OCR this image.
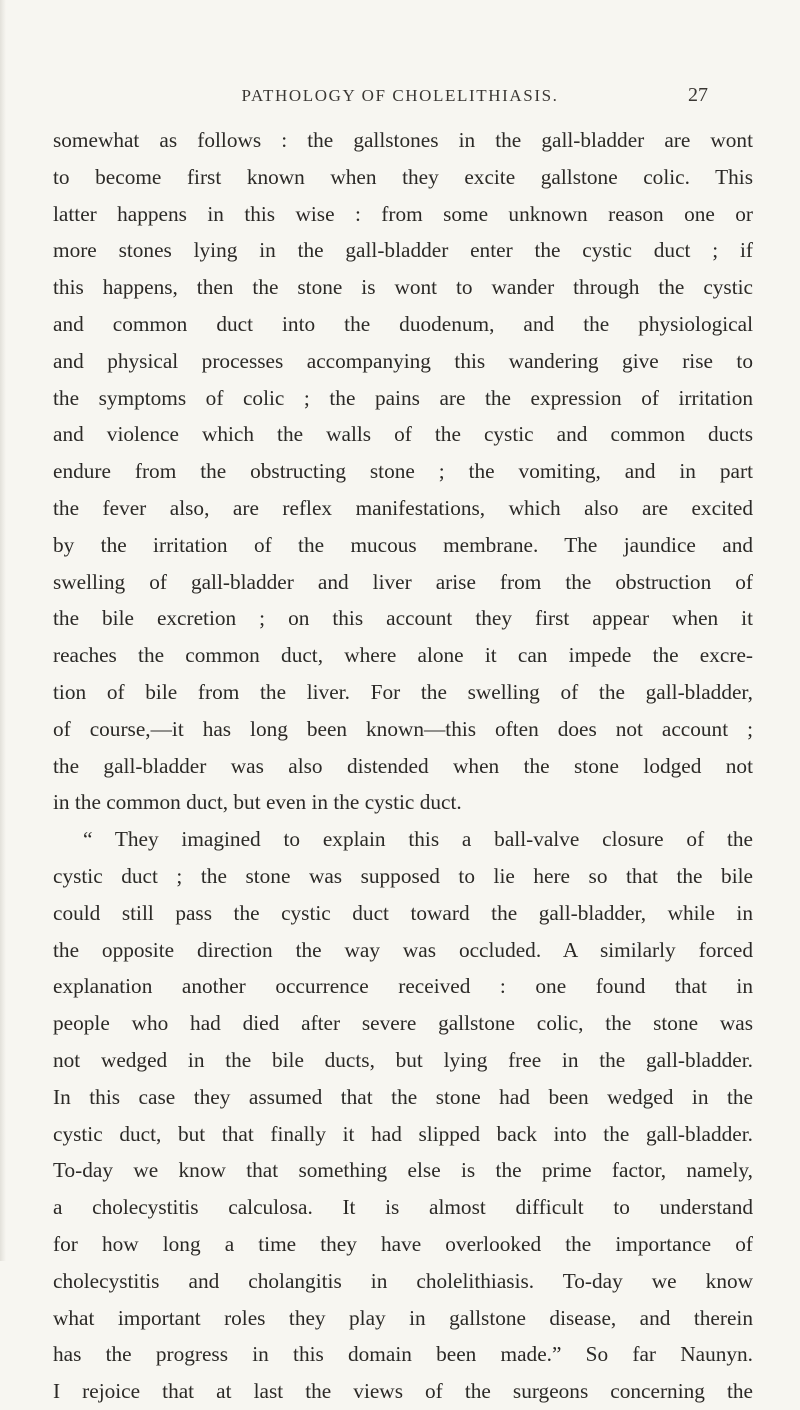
PATHOLOGY OF CHOLELITHIASIS.	27
somewhat as follows : the gallstones in the gall-bladder are wont
to become first known when they excite gallstone colic. This
latter happens in this wise : from some unknown reason one or
more stones lying in the gall-bladder enter the cystic duct ; if
this happens, then the stone is wont to wander through the cystic
and common duct into the duodenum, and the physiological
and physical processes accompanying this wandering give rise to
the symptoms of colic ; the pains are the expression of irritation
and violence which the walls of the cystic and common ducts
endure from the obstructing stone ; the vomiting, and in part
the fever also, are reflex manifestations, which also are excited
by the irritation of the mucous membrane. The jaundice and
swelling of gall-bladder and liver arise from the obstruction of
the bile excretion ; on this account they first appear when it
reaches the common duct, where alone it can impede the excre-
tion of bile from the liver. For the swelling of the gall-bladder,
of course,—it has long been known—this often does not account ;
the gall-bladder was also distended when the stone lodged not
in the common duct, but even in the cystic duct.
“ They imagined to explain this a ball-valve closure of the
cystic duct ; the stone was supposed to lie here so that the bile
could still pass the cystic duct toward the gall-bladder, while in
the opposite direction the way was occluded. A similarly forced
explanation another occurrence received : one found that in
people who had died after severe gallstone colic, the stone was
not wedged in the bile ducts, but lying free in the gall-bladder.
In this case they assumed that the stone had been wedged in the
cystic duct, but that finally it had slipped back into the gall-bladder.
To-day we know that something else is the prime factor, namely,
a cholecystitis calculosa. It is almost difficult to understand
for how long a time they have overlooked the importance of
cholecystitis and cholangitis in cholelithiasis. To-day we know
what important roles they play in gallstone disease, and therein
has the progress in this domain been made.” So far Naunyn.
I rejoice that at last the views of the surgeons concerning the
